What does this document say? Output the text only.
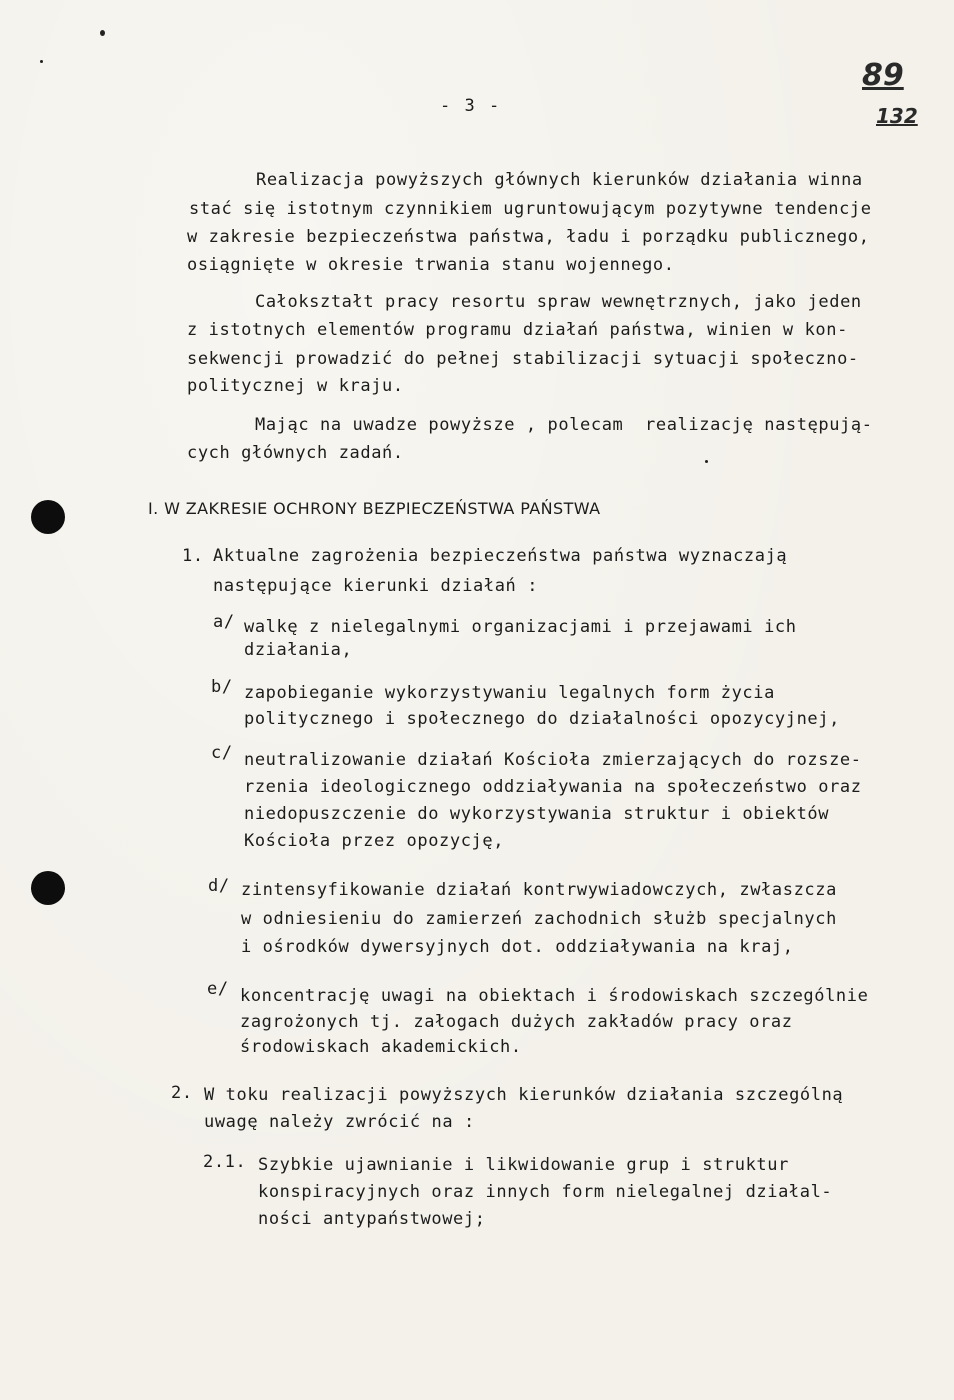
89
132
- 3 -
Realizacja powyższych głównych kierunków działania winna
stać się istotnym czynnikiem ugruntowującym pozytywne tendencje
w zakresie bezpieczeństwa państwa, ładu i porządku publicznego,
osiągnięte w okresie trwania stanu wojennego.
Całokształt pracy resortu spraw wewnętrznych, jako jeden
z istotnych elementów programu działań państwa, winien w kon-
sekwencji prowadzić do pełnej stabilizacji sytuacji społeczno-
politycznej w kraju.
Mając na uwadze powyższe , polecam  realizację następują-
cych głównych zadań.
I. W ZAKRESIE OCHRONY BEZPIECZEŃSTWA PAŃSTWA
1. Aktualne zagrożenia bezpieczeństwa państwa wyznaczają
następujące kierunki działań :
a/ walkę z nielegalnymi organizacjami i przejawami ich
działania,
b/ zapobieganie wykorzystywaniu legalnych form życia
politycznego i społecznego do działalności opozycyjnej,
c/ neutralizowanie działań Kościoła zmierzających do rozsze-
rzenia ideologicznego oddziaływania na społeczeństwo oraz
niedopuszczenie do wykorzystywania struktur i obiektów
Kościoła przez opozycję,
d/ zintensyfikowanie działań kontrwywiadowczych, zwłaszcza
w odniesieniu do zamierzeń zachodnich służb specjalnych
i ośrodków dywersyjnych dot. oddziaływania na kraj,
e/ koncentrację uwagi na obiektach i środowiskach szczególnie
zagrożonych tj. załogach dużych zakładów pracy oraz
środowiskach akademickich.
2. W toku realizacji powyższych kierunków działania szczególną
uwagę należy zwrócić na :
2.1. Szybkie ujawnianie i likwidowanie grup i struktur
konspiracyjnych oraz innych form nielegalnej działal-
ności antypaństwowej;
